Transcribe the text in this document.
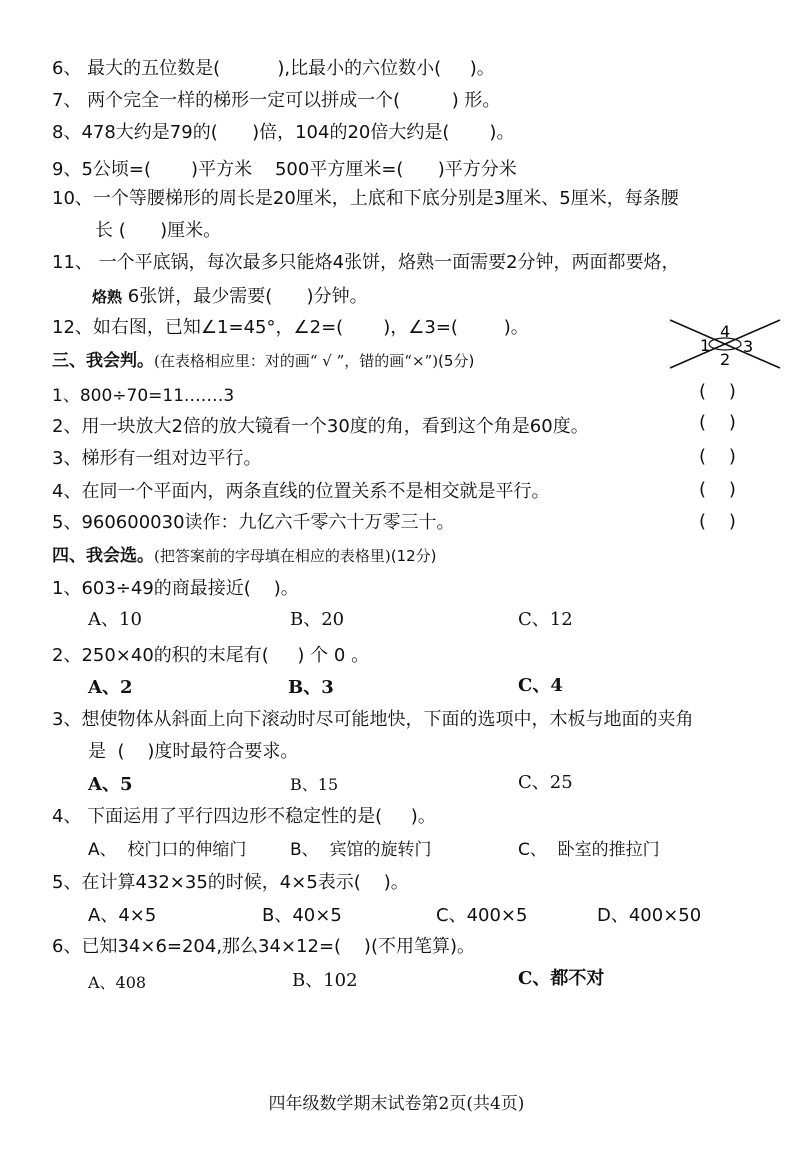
6、 最大的五位数是(          ),比最小的六位数小(     )。

7、 两个完全一样的梯形一定可以拼成一个(         ) 形。

8、478大约是79的(      )倍，104的20倍大约是(       )。

9、5公顷=(       )平方米    500平方厘米=(      )平方分米

10、一个等腰梯形的周长是20厘米，上底和下底分别是3厘米、5厘米，每条腰

长 (      )厘米。

11、 一个平底锅，每次最多只能烙4张饼，烙熟一面需要2分钟，两面都要烙，

烙熟 6张饼，最少需要(      )分钟。

12、如右图，已知∠1=45°，∠2=(       )，∠3=(        )。	4
1 3
2

三、我会判。(在表格相应里：对的画“ √ ”，错的画“×”)(5分)

1、800÷70=11.……3	(    )

2、用一块放大2倍的放大镜看一个30度的角，看到这个角是60度。	(    )

3、梯形有一组对边平行。	(    )

4、在同一个平面内，两条直线的位置关系不是相交就是平行。	(    )

5、960600030读作：九亿六千零六十万零三十。	(    )

四、我会选。(把答案前的字母填在相应的表格里)(12分)

1、603÷49的商最接近(    )。

A、10	B、20	C、12

2、250×40的积的末尾有(     ) 个 0 。

A、2	B、3	C、4

3、想使物体从斜面上向下滚动时尽可能地快，下面的选项中，木板与地面的夹角

是  (    )度时最符合要求。

A、5	B、15	C、25

4、 下面运用了平行四边形不稳定性的是(     )。

A、  校门口的伸缩门	B、  宾馆的旋转门	C、  卧室的推拉门

5、在计算432×35的时候，4×5表示(    )。

A、4×5	B、40×5	C、400×5	D、400×50

6、已知34×6=204,那么34×12=(    )(不用笔算)。

A、408	B、102	C、都不对
四年级数学期末试卷第2页(共4页)
